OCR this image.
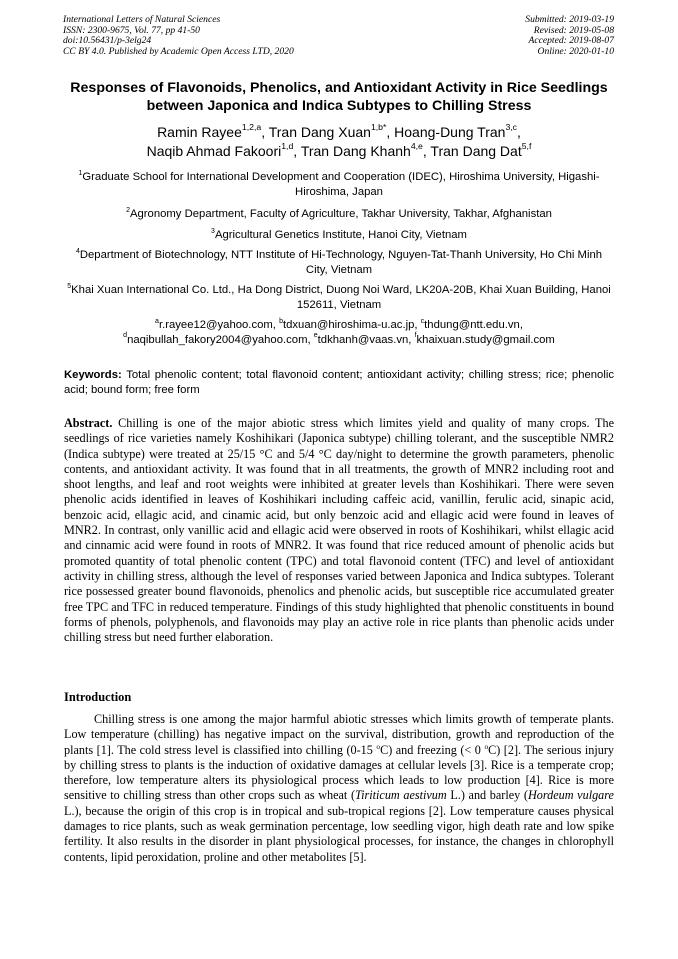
International Letters of Natural Sciences
ISSN: 2300-9675, Vol. 77, pp 41-50
doi:10.56431/p-3elg24
CC BY 4.0. Published by Academic Open Access LTD, 2020
Submitted: 2019-03-19
Revised: 2019-05-08
Accepted: 2019-08-07
Online: 2020-01-10
Responses of Flavonoids, Phenolics, and Antioxidant Activity in Rice Seedlings between Japonica and Indica Subtypes to Chilling Stress
Ramin Rayee$^{1,2,a}$, Tran Dang Xuan$^{1,b*}$, Hoang-Dung Tran$^{3,c}$,
Naqib Ahmad Fakoori$^{1,d}$, Tran Dang Khanh$^{4,e}$, Tran Dang Dat$^{5,f}$
$^1$Graduate School for International Development and Cooperation (IDEC), Hiroshima University, Higashi-Hiroshima, Japan
$^2$Agronomy Department, Faculty of Agriculture, Takhar University, Takhar, Afghanistan
$^3$Agricultural Genetics Institute, Hanoi City, Vietnam
$^4$Department of Biotechnology, NTT Institute of Hi-Technology, Nguyen-Tat-Thanh University, Ho Chi Minh City, Vietnam
$^5$Khai Xuan International Co. Ltd., Ha Dong District, Duong Noi Ward, LK20A-20B, Khai Xuan Building, Hanoi 152611, Vietnam
$^a$r.rayee12@yahoo.com, $^b$tdxuan@hiroshima-u.ac.jp, $^c$thdung@ntt.edu.vn,
$^d$naqibullah_fakory2004@yahoo.com, $^e$tdkhanh@vaas.vn, $^f$khaixuan.study@gmail.com
Keywords: Total phenolic content; total flavonoid content; antioxidant activity; chilling stress; rice; phenolic acid; bound form; free form
Abstract. Chilling is one of the major abiotic stress which limites yield and quality of many crops. The seedlings of rice varieties namely Koshihikari (Japonica subtype) chilling tolerant, and the susceptible NMR2 (Indica subtype) were treated at 25/15 °C and 5/4 °C day/night to determine the growth parameters, phenolic contents, and antioxidant activity. It was found that in all treatments, the growth of MNR2 including root and shoot lengths, and leaf and root weights were inhibited at greater levels than Koshihikari. There were seven phenolic acids identified in leaves of Koshihikari including caffeic acid, vanillin, ferulic acid, sinapic acid, benzoic acid, ellagic acid, and cinamic acid, but only benzoic acid and ellagic acid were found in leaves of MNR2. In contrast, only vanillic acid and ellagic acid were observed in roots of Koshihikari, whilst ellagic acid and cinnamic acid were found in roots of MNR2. It was found that rice reduced amount of phenolic acids but promoted quantity of total phenolic content (TPC) and total flavonoid content (TFC) and level of antioxidant activity in chilling stress, although the level of responses varied between Japonica and Indica subtypes. Tolerant rice possessed greater bound flavonoids, phenolics and phenolic acids, but susceptible rice accumulated greater free TPC and TFC in reduced temperature. Findings of this study highlighted that phenolic constituents in bound forms of phenols, polyphenols, and flavonoids may play an active role in rice plants than phenolic acids under chilling stress but need further elaboration.
Introduction

Chilling stress is one among the major harmful abiotic stresses which limits growth of temperate plants. Low temperature (chilling) has negative impact on the survival, distribution, growth and reproduction of the plants [1]. The cold stress level is classified into chilling (0-15 $^o$C) and freezing (< 0 $^o$C) [2]. The serious injury by chilling stress to plants is the induction of oxidative damages at cellular levels [3]. Rice is a temperate crop; therefore, low temperature alters its physiological process which leads to low production [4]. Rice is more sensitive to chilling stress than other crops such as wheat (Tiriticum aestivum L.) and barley (Hordeum vulgare L.), because the origin of this crop is in tropical and sub-tropical regions [2]. Low temperature causes physical damages to rice plants, such as weak germination percentage, low seedling vigor, high death rate and low spike fertility. It also results in the disorder in plant physiological processes, for instance, the changes in chlorophyll contents, lipid peroxidation, proline and other metabolites [5].
